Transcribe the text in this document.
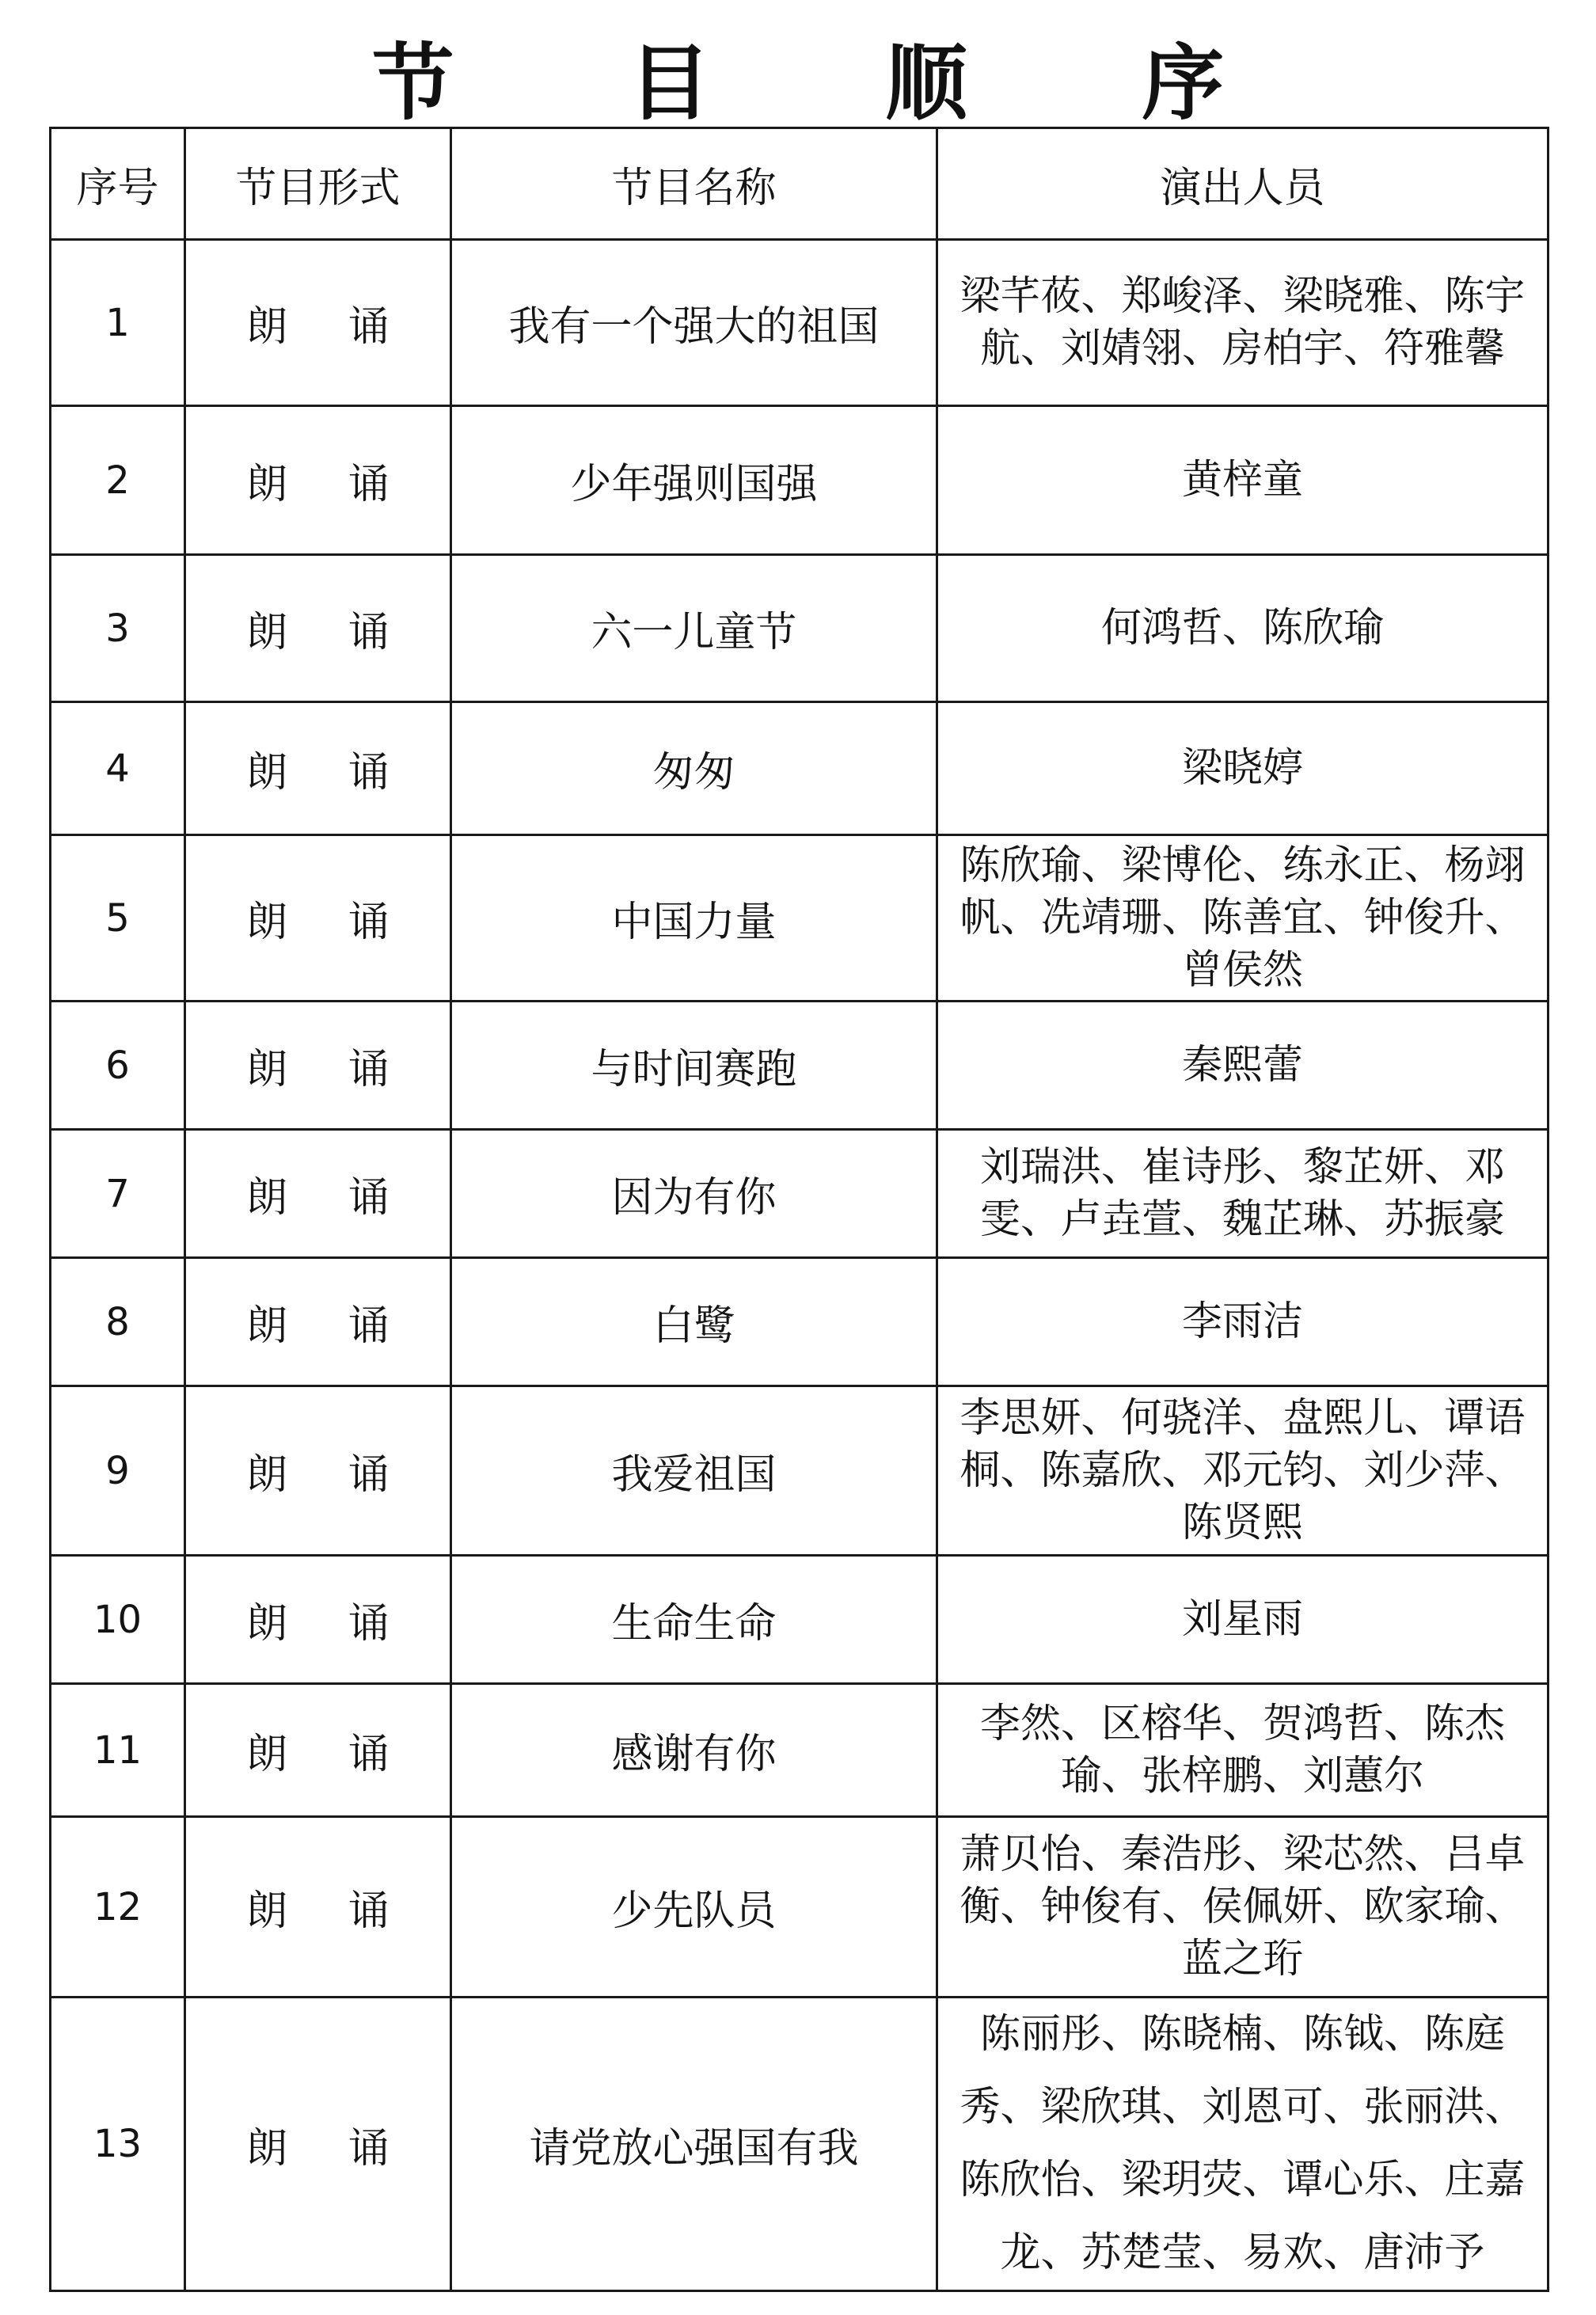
节 目 顺 序
序号	节目形式	节目名称	演出人员
1	朗 诵	我有一个强大的祖国	梁芊莜、郑峻泽、梁晓雅、陈宇航、刘婧翎、房柏宇、符雅馨
2	朗 诵	少年强则国强	黄梓童
3	朗 诵	六一儿童节	何鸿哲、陈欣瑜
4	朗 诵	匆匆	梁晓婷
5	朗 诵	中国力量	陈欣瑜、梁博伦、练永正、杨翊帆、冼靖珊、陈善宜、钟俊升、曾侯然
6	朗 诵	与时间赛跑	秦熙蕾
7	朗 诵	因为有你	刘瑞洪、崔诗彤、黎芷妍、邓雯、卢垚萱、魏芷琳、苏振豪
8	朗 诵	白鹭	李雨洁
9	朗 诵	我爱祖国	李思妍、何骁洋、盘熙儿、谭语桐、陈嘉欣、邓元钧、刘少萍、陈贤熙
10	朗 诵	生命生命	刘星雨
11	朗 诵	感谢有你	李然、区榕华、贺鸿哲、陈杰瑜、张梓鹏、刘蕙尔
12	朗 诵	少先队员	萧贝怡、秦浩彤、梁芯然、吕卓衡、钟俊有、侯佩妍、欧家瑜、蓝之珩
13	朗 诵	请党放心强国有我	陈丽彤、陈晓楠、陈钺、陈庭秀、梁欣琪、刘恩可、张丽洪、陈欣怡、梁玥荧、谭心乐、庄嘉龙、苏楚莹、易欢、唐沛予
